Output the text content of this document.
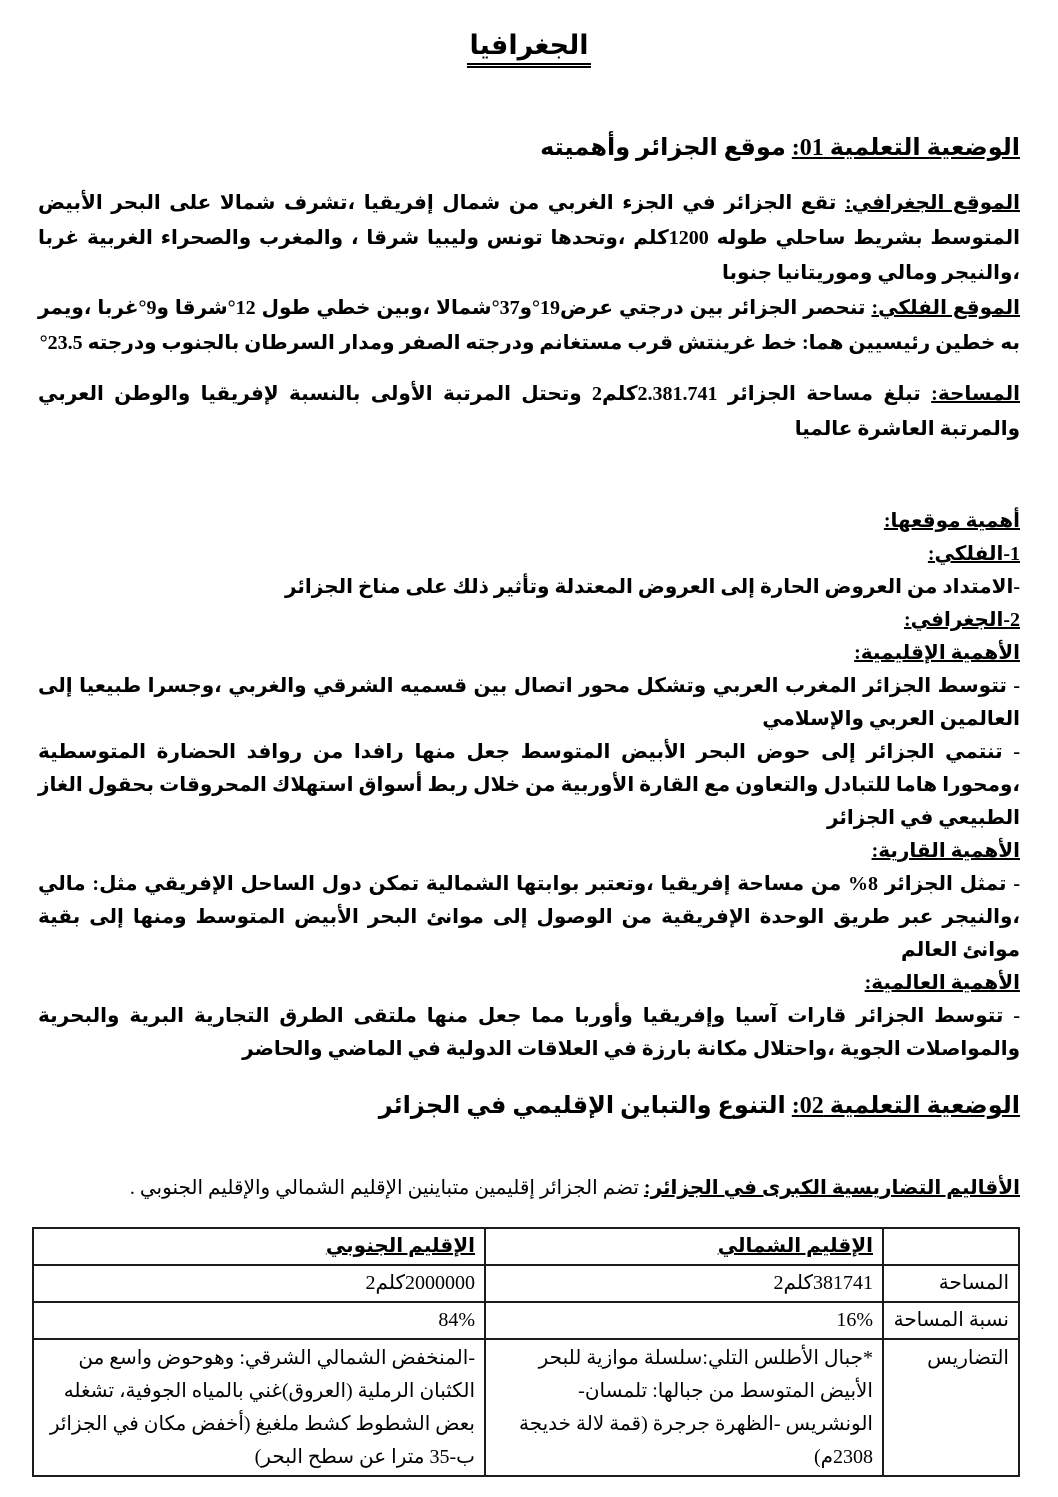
الجغرافيا
الوضعية التعلمية 01: موقع الجزائر وأهميته

الموقع الجغرافي: تقع الجزائر في الجزء الغربي من شمال إفريقيا ،تشرف شمالا على البحر الأبيض المتوسط بشريط ساحلي طوله 1200كلم ،وتحدها تونس وليبيا شرقا ، والمغرب والصحراء الغربية غربا ،والنيجر ومالي وموريتانيا جنوبا

الموقع الفلكي: تنحصر الجزائر بين درجتي عرض19°و37°شمالا ،وبين خطي طول 12°شرقا و9°غربا ،ويمر به خطين رئيسيين هما: خط غرينتش قرب مستغانم ودرجته الصفر ومدار السرطان بالجنوب ودرجته 23.5°

المساحة: تبلغ مساحة الجزائر 2.381.741كلم2 وتحتل المرتبة الأولى بالنسبة لإفريقيا والوطن العربي والمرتبة العاشرة عالميا

أهمية موقعها:

1-الفلكي:

-الامتداد من العروض الحارة إلى العروض المعتدلة وتأثير ذلك على مناخ الجزائر

2-الجغرافي:

الأهمية الإقليمية:

- تتوسط الجزائر المغرب العربي وتشكل محور اتصال بين قسميه الشرقي والغربي ،وجسرا طبيعيا إلى العالمين العربي والإسلامي

- تنتمي الجزائر إلى حوض البحر الأبيض المتوسط جعل منها رافدا من روافد الحضارة المتوسطية ،ومحورا هاما للتبادل والتعاون مع القارة الأوربية من خلال ربط أسواق استهلاك المحروقات بحقول الغاز الطبيعي في الجزائر

الأهمية القارية:

- تمثل الجزائر 8% من مساحة إفريقيا ،وتعتبر بوابتها الشمالية تمكن دول الساحل الإفريقي مثل: مالي ،والنيجر عبر طريق الوحدة الإفريقية من الوصول إلى موانئ البحر الأبيض المتوسط ومنها إلى بقية موانئ العالم

الأهمية العالمية:

- تتوسط الجزائر قارات آسيا وإفريقيا وأوربا مما جعل منها ملتقى الطرق التجارية البرية والبحرية والمواصلات الجوية ،واحتلال مكانة بارزة في العلاقات الدولية في الماضي والحاضر

الوضعية التعلمية 02: التنوع والتباين الإقليمي في الجزائر

الأقاليم التضاريسية الكبرى في الجزائر: تضم الجزائر إقليمين متباينين الإقليم الشمالي والإقليم الجنوبي .

	الإقليم الشمالي	الإقليم الجنوبي
المساحة	381741كلم2	2000000كلم2
نسبة المساحة	16%	84%
التضاريس	*جبال الأطلس التلي:سلسلة موازية للبحر الأبيض المتوسط من جبالها: تلمسان- الونشريس -الظهرة جرجرة (قمة لالة خديجة 2308م)	-المنخفض الشمالي الشرقي: وهوحوض واسع من الكثبان الرملية (العروق)غني بالمياه الجوفية، تشغله بعض الشطوط كشط ملغيغ (أخفض مكان في الجزائر ب-35 مترا عن سطح البحر)
